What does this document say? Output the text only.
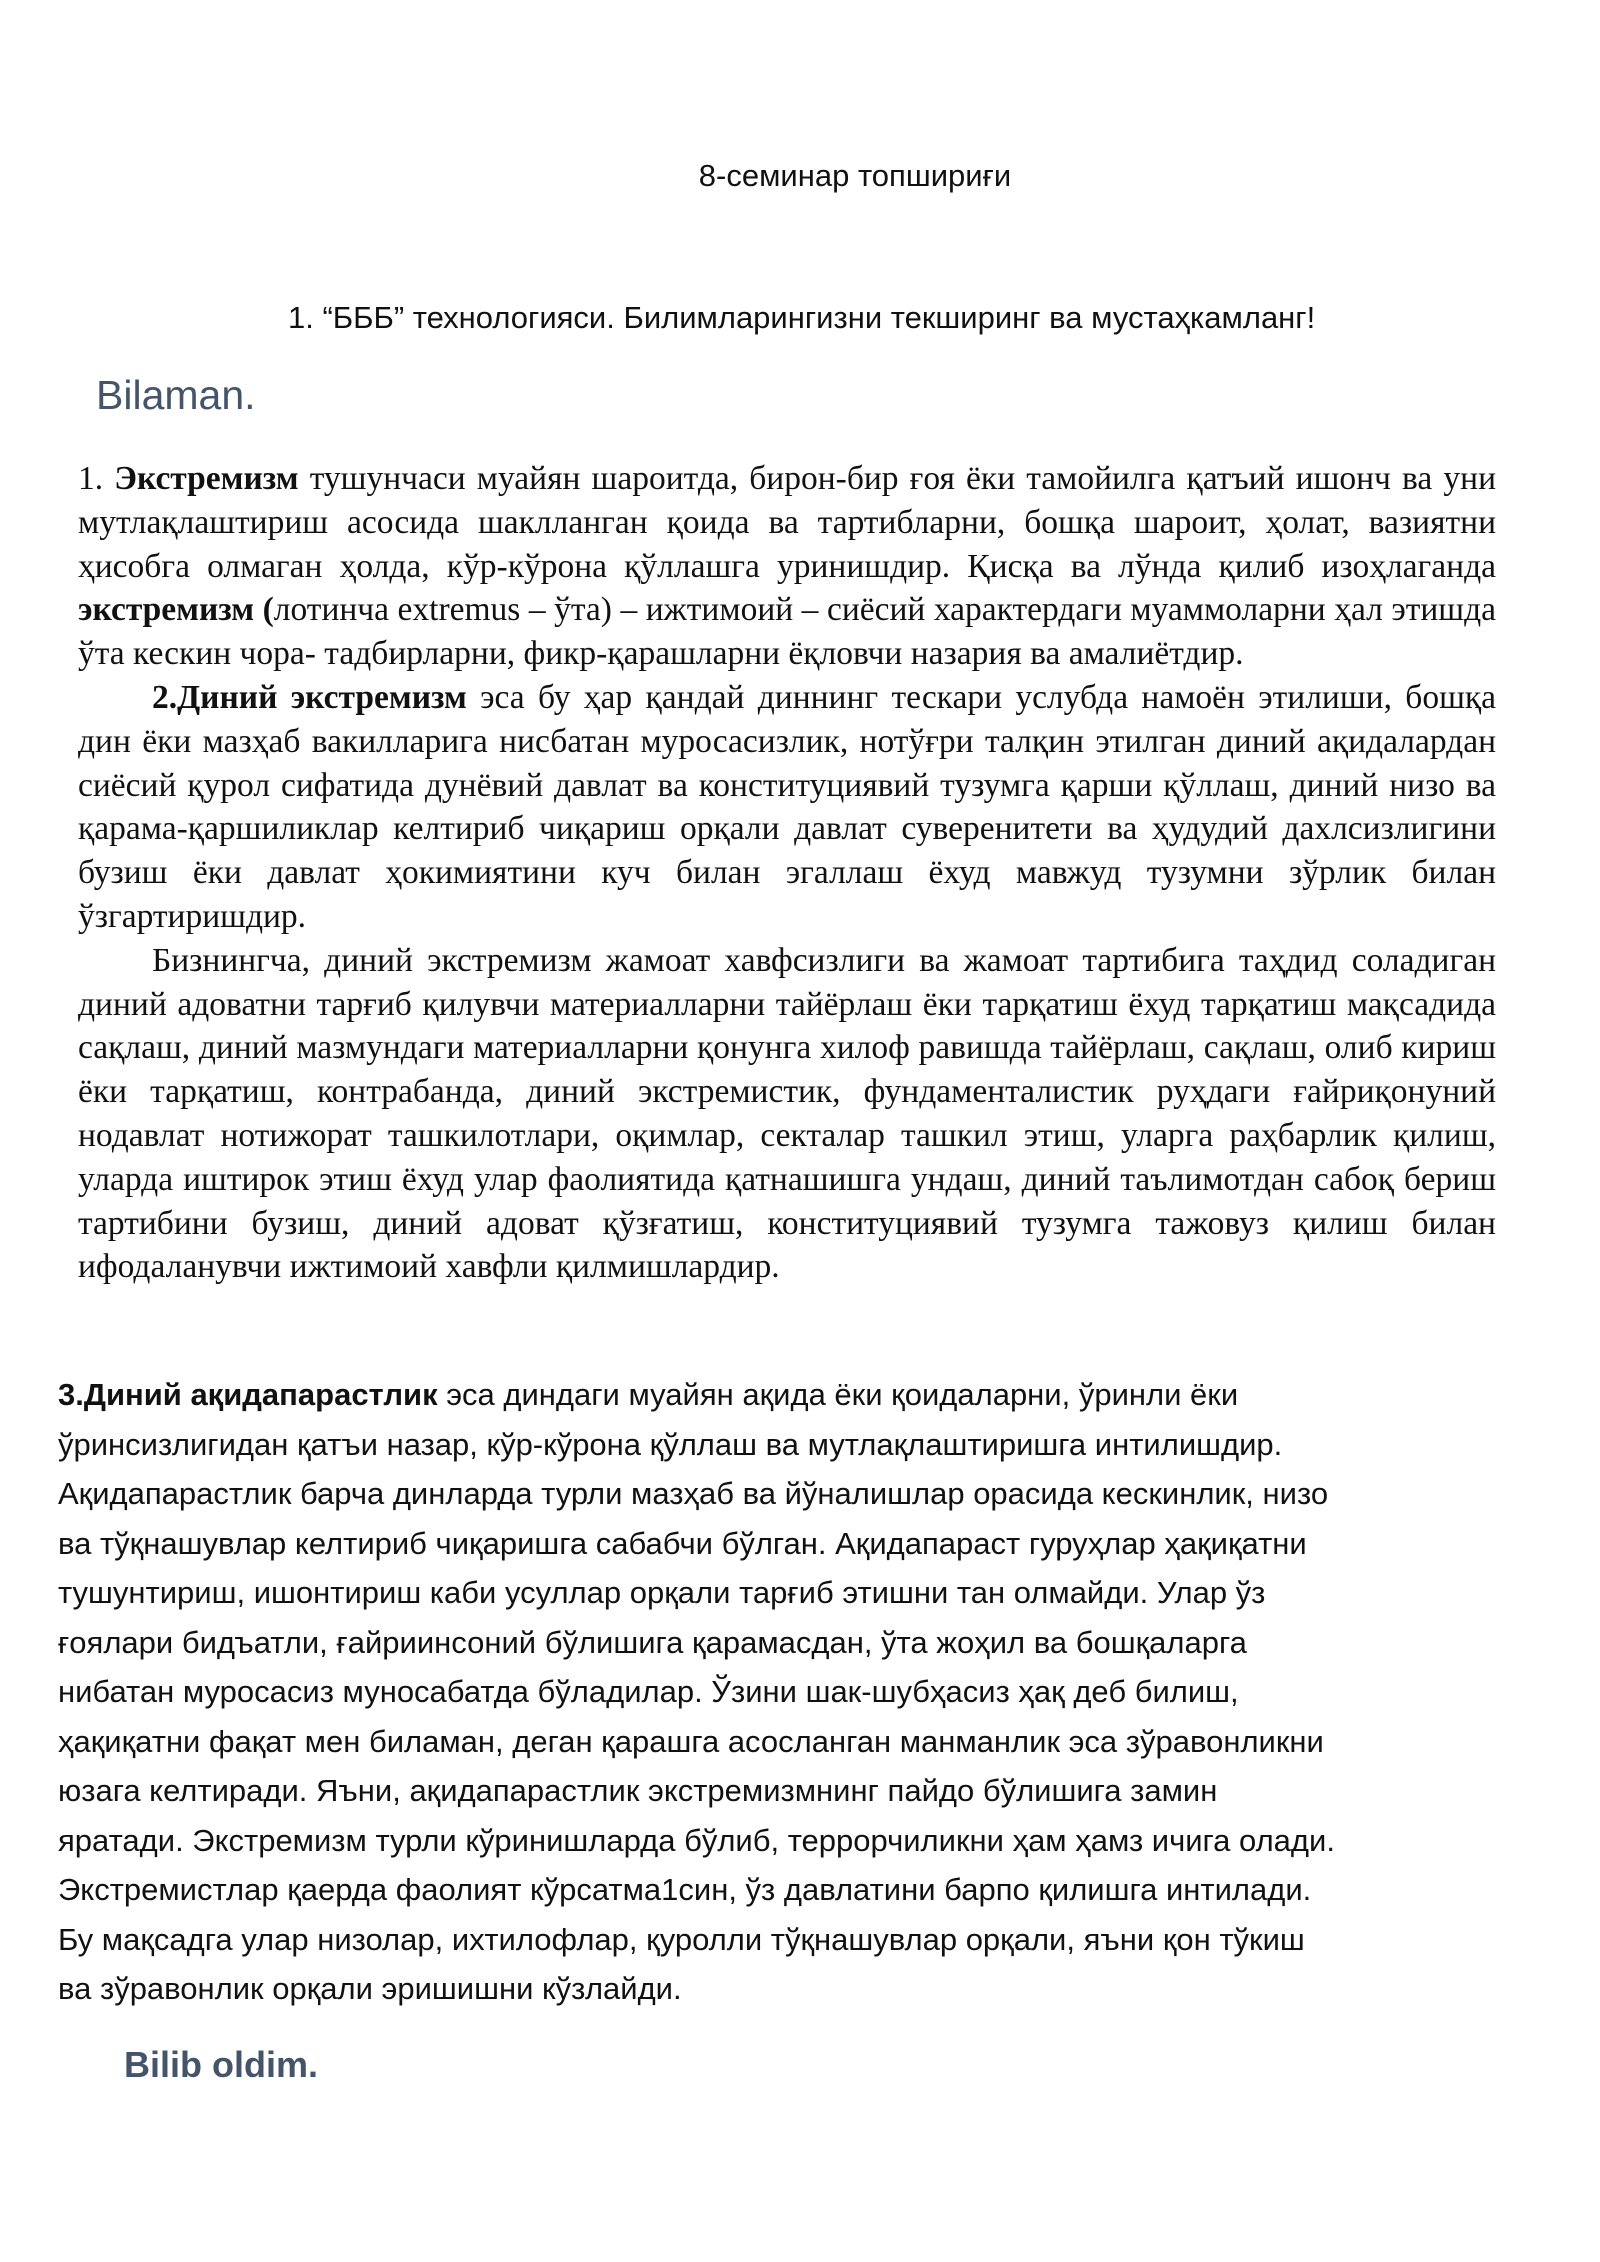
8-семинар топшириғи
1. “БББ” технологияси. Билимларингизни текширинг ва мустаҳкамланг!
Bilaman.

1. Экстремизм тушунчаси муайян шароитда, бирон-бир ғоя ёки тамойилга қатъий ишонч ва уни мутлақлаштириш асосида шаклланган қоида ва тартибларни, бошқа шароит, ҳолат, вазиятни ҳисобга олмаган ҳолда, кўр-кўрона қўллашга уринишдир. Қисқа ва лўнда қилиб изоҳлаганда экстремизм (лотинча extremus – ўта) – ижтимоий – сиёсий характердаги муаммоларни ҳал этишда ўта кескин чора- тадбирларни, фикр-қарашларни ёқловчи назария ва амалиётдир.

2.Диний экстремизм эса бу ҳар қандай диннинг тескари услубда намоён этилиши, бошқа дин ёки мазҳаб вакилларига нисбатан муросасизлик, нотўғри талқин этилган диний ақидалардан сиёсий қурол сифатида дунёвий давлат ва конституциявий тузумга қарши қўллаш, диний низо ва қарама-қаршиликлар келтириб чиқариш орқали давлат суверенитети ва ҳудудий дахлсизлигини бузиш ёки давлат ҳокимиятини куч билан эгаллаш ёхуд мавжуд тузумни зўрлик билан ўзгартиришдир.

Бизнингча, диний экстремизм жамоат хавфсизлиги ва жамоат тартибига таҳдид соладиган диний адоватни тарғиб қилувчи материалларни тайёрлаш ёки тарқатиш ёхуд тарқатиш мақсадида сақлаш, диний мазмундаги материалларни қонунга хилоф равишда тайёрлаш, сақлаш, олиб кириш ёки тарқатиш, контрабанда, диний экстремистик, фундаменталистик руҳдаги ғайриқонуний нодавлат нотижорат ташкилотлари, оқимлар, секталар ташкил этиш, уларга раҳбарлик қилиш, уларда иштирок этиш ёхуд улар фаолиятида қатнашишга ундаш, диний таълимотдан сабоқ бериш тартибини бузиш, диний адоват қўзғатиш, конституциявий тузумга тажовуз қилиш билан ифодаланувчи ижтимоий хавфли қилмишлардир.

3.Диний ақидапарастлик эса диндаги муайян ақида ёки қоидаларни, ўринли ёки
ўринсизлигидан қатъи назар, кўр-кўрона қўллаш ва мутлақлаштиришга интилишдир.
Ақидапарастлик барча динларда турли мазҳаб ва йўналишлар орасида кескинлик, низо
ва тўқнашувлар келтириб чиқаришга сабабчи бўлган. Ақидапараст гуруҳлар ҳақиқатни
тушунтириш, ишонтириш каби усуллар орқали тарғиб этишни тан олмайди. Улар ўз
ғоялари бидъатли, ғайриинсоний бўлишига қарамасдан, ўта жоҳил ва бошқаларга
нибатан муросасиз муносабатда бўладилар. Ўзини шак-шубҳасиз ҳақ деб билиш,
ҳақиқатни фақат мен биламан, деган қарашга асосланган манманлик эса зўравонликни
юзага келтиради. Яъни, ақидапарастлик экстремизмнинг пайдо бўлишига замин
яратади. Экстремизм турли кўринишларда бўлиб, террорчиликни ҳам ҳамз ичига олади.
Экстремистлар қаерда фаолият кўрсатма1син, ўз давлатини барпо қилишга интилади.
Бу мақсадга улар низолар, ихтилофлар, қуролли тўқнашувлар орқали, яъни қон тўкиш
ва зўравонлик орқали эришишни кўзлайди.

Bilib oldim.
